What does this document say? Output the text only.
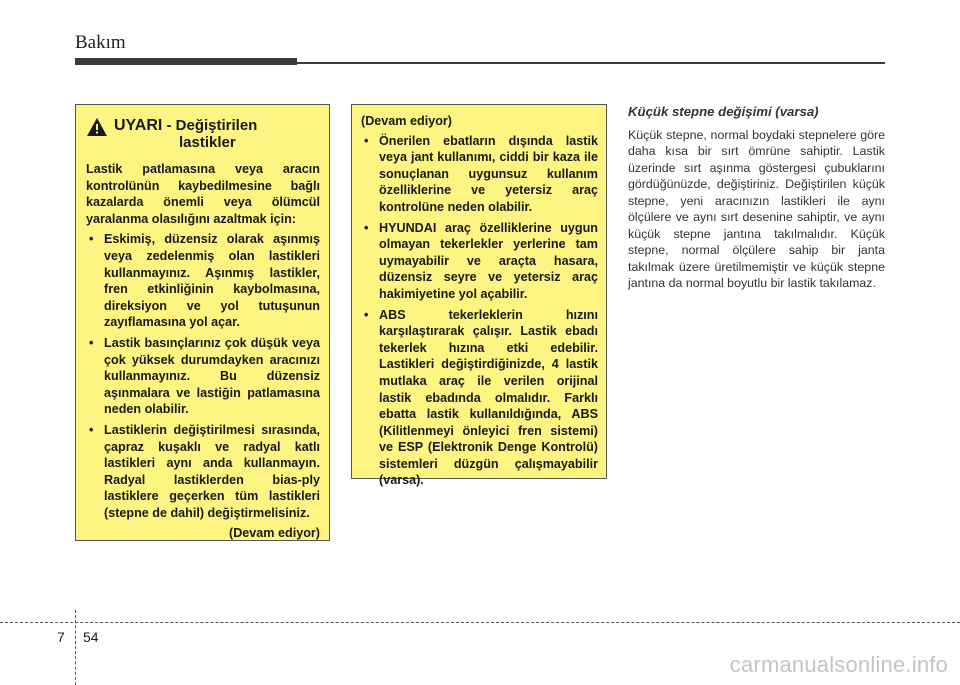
Bakım
UYARI - Değiştirilen
lastikler

Lastik patlamasına veya aracın kontrolünün kaybedilmesine bağlı kazalarda önemli veya ölümcül yaralanma olasılığını azaltmak için:

• Eskimiş, düzensiz olarak aşınmış veya zedelenmiş olan lastikleri kullanmayınız. Aşınmış lastikler, fren etkinliğinin kaybolmasına, direksiyon ve yol tutuşunun zayıflamasına yol açar.
• Lastik basınçlarınız çok düşük veya çok yüksek durumdayken aracınızı kullanmayınız. Bu düzensiz aşınmalara ve lastiğin patlamasına neden olabilir.
• Lastiklerin değiştirilmesi sırasında, çapraz kuşaklı ve radyal katlı lastikleri aynı anda kullanmayın. Radyal lastiklerden bias-ply lastiklere geçerken tüm lastikleri (stepne de dahil) değiştirmelisiniz.
(Devam ediyor)
(Devam ediyor)
• Önerilen ebatların dışında lastik veya jant kullanımı, ciddi bir kaza ile sonuçlanan uygunsuz kullanım özelliklerine ve yetersiz araç kontrolüne neden olabilir.
• HYUNDAI araç özelliklerine uygun olmayan tekerlekler yerlerine tam uymayabilir ve araçta hasara, düzensiz seyre ve yetersiz araç hakimiyetine yol açabilir.
• ABS tekerleklerin hızını karşılaştırarak çalışır. Lastik ebadı tekerlek hızına etki edebilir. Lastikleri değiştirdiğinizde, 4 lastik mutlaka araç ile verilen orijinal lastik ebadında olmalıdır. Farklı ebatta lastik kullanıldığında, ABS (Kilitlenmeyi önleyici fren sistemi) ve ESP (Elektronik Denge Kontrolü) sistemleri düzgün çalışmayabilir (varsa).
Küçük stepne değişimi (varsa)

Küçük stepne, normal boydaki stepnelere göre daha kısa bir sırt ömrüne sahiptir. Lastik üzerinde sırt aşınma göstergesi çubuklarını gördüğünüzde, değiştiriniz. Değiştirilen küçük stepne, yeni aracınızın lastikleri ile aynı ölçülere ve aynı sırt desenine sahiptir, ve aynı küçük stepne jantına takılmalıdır. Küçük stepne, normal ölçülere sahip bir janta takılmak üzere üretilmemiştir ve küçük stepne jantına da normal boyutlu bir lastik takılamaz.

7 54
carmanualsonline.info
